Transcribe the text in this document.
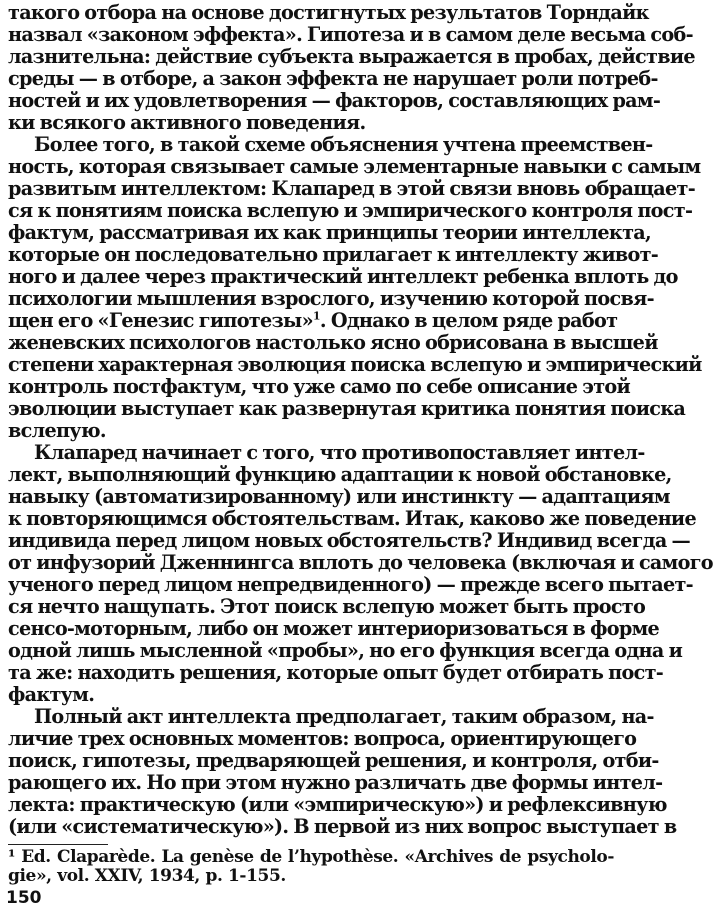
такого отбора на основе достигнутых результатов Торндайк
назвал «законом эффекта». Гипотеза и в самом деле весьма соб-
лазнительна: действие субъекта выражается в пробах, действие
среды — в отборе, а закон эффекта не нарушает роли потреб-
ностей и их удовлетворения — факторов, составляющих рам-
ки всякого активного поведения.
Более того, в такой схеме объяснения учтена преемствен-
ность, которая связывает самые элементарные навыки с самым
развитым интеллектом: Клапаред в этой связи вновь обращает-
ся к понятиям поиска вслепую и эмпирического контроля пост-
фактум, рассматривая их как принципы теории интеллекта,
которые он последовательно прилагает к интеллекту живот-
ного и далее через практический интеллект ребенка вплоть до
психологии мышления взрослого, изучению которой посвя-
щен его «Генезис гипотезы»$^1$. Однако в целом ряде работ
женевских психологов настолько ясно обрисована в высшей
степени характерная эволюция поиска вслепую и эмпирический
контроль постфактум, что уже само по себе описание этой
эволюции выступает как развернутая критика понятия поиска
вслепую.
Клапаред начинает с того, что противопоставляет интел-
лект, выполняющий функцию адаптации к новой обстановке,
навыку (автоматизированному) или инстинкту — адаптациям
к повторяющимся обстоятельствам. Итак, каково же поведение
индивида перед лицом новых обстоятельств? Индивид всегда —
от инфузорий Дженнингса вплоть до человека (включая и самого
ученого перед лицом непредвиденного) — прежде всего пытает-
ся нечто нащупать. Этот поиск вслепую может быть просто
сенсо-моторным, либо он может интериоризоваться в форме
одной лишь мысленной «пробы», но его функция всегда одна и
та же: находить решения, которые опыт будет отбирать пост-
фактум.
Полный акт интеллекта предполагает, таким образом, на-
личие трех основных моментов: вопроса, ориентирующего
поиск, гипотезы, предваряющей решения, и контроля, отби-
рающего их. Но при этом нужно различать две формы интел-
лекта: практическую (или «эмпирическую») и рефлексивную
(или «систематическую»). В первой из них вопрос выступает в
¹ Ed. Claparède. La genèse de l’hypothèse. «Archives de psycholo-
gie», vol. XXIV, 1934, p. 1-155.
150
